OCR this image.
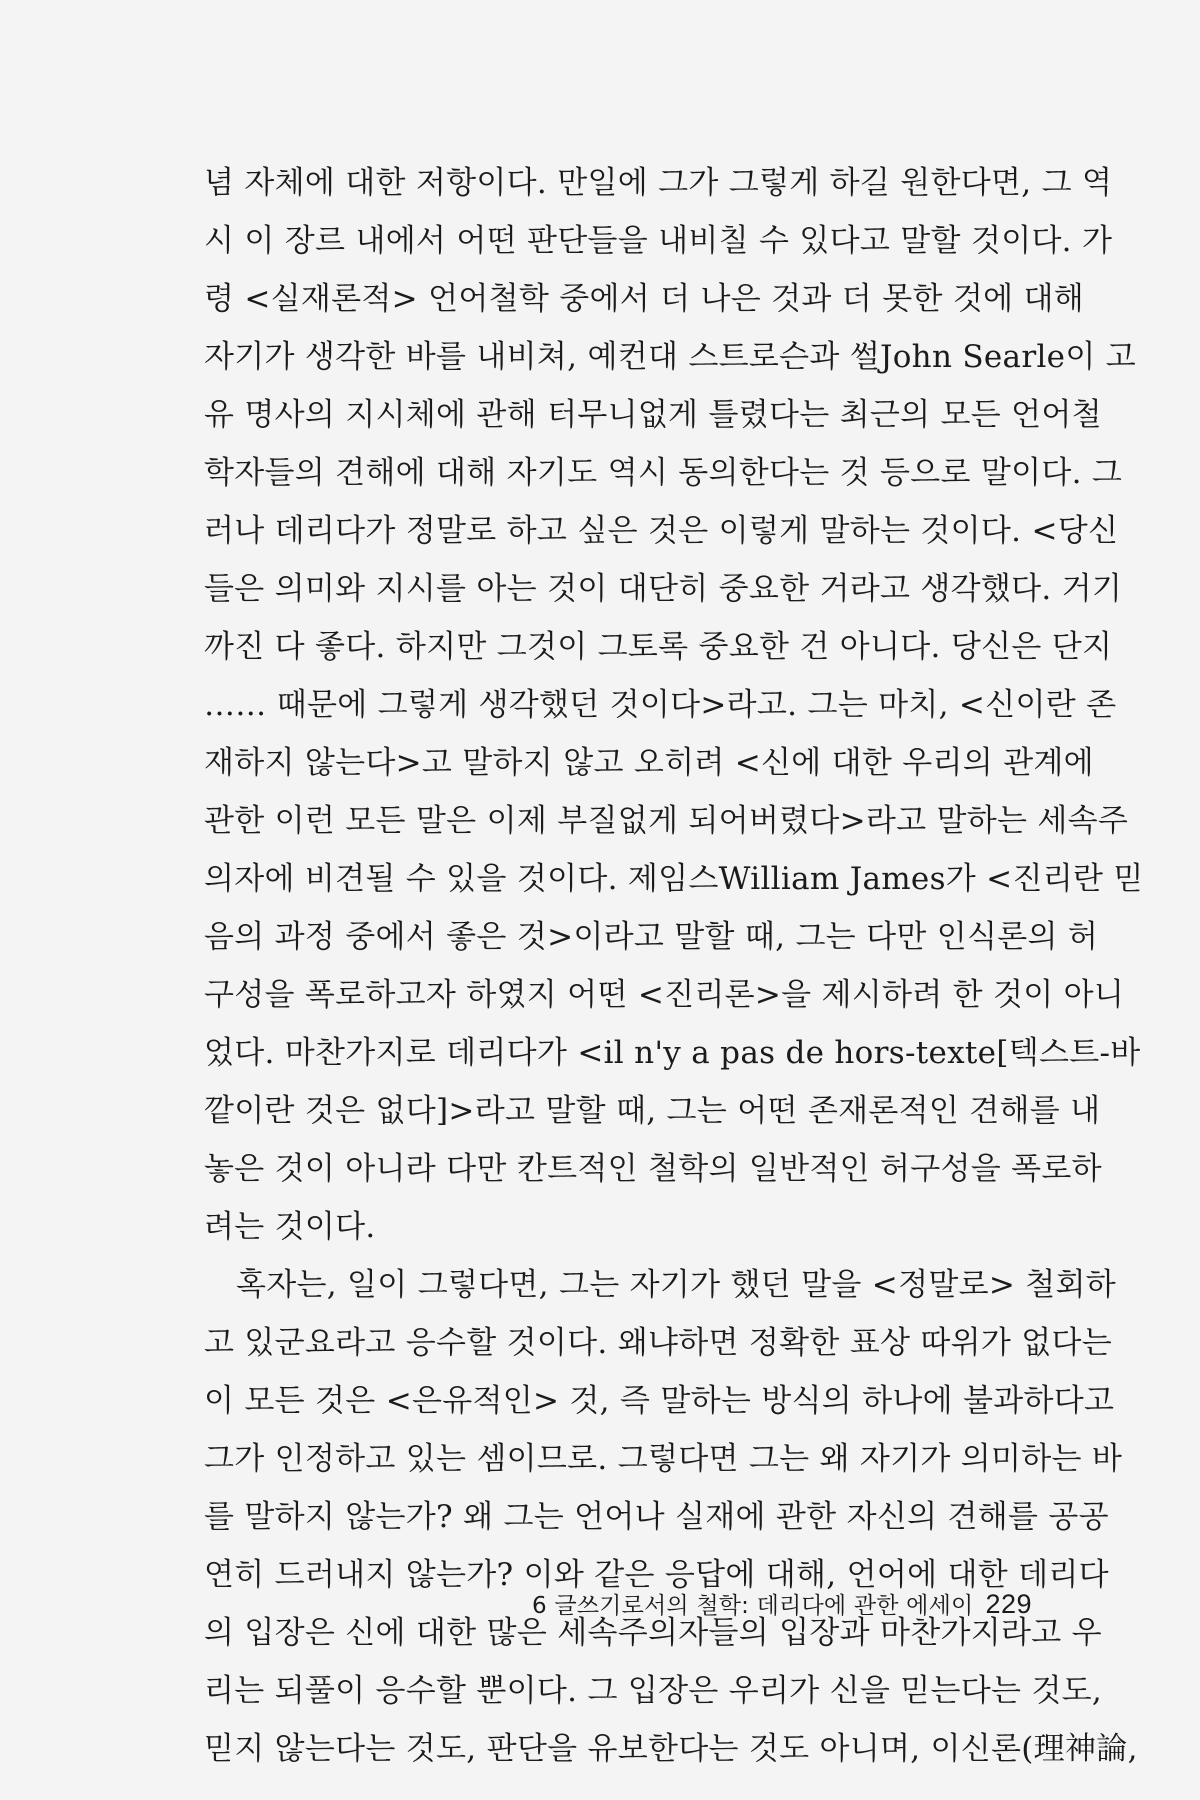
념 자체에 대한 저항이다. 만일에 그가 그렇게 하길 원한다면, 그 역
시 이 장르 내에서 어떤 판단들을 내비칠 수 있다고 말할 것이다. 가
령 <실재론적> 언어철학 중에서 더 나은 것과 더 못한 것에 대해
자기가 생각한 바를 내비쳐, 예컨대 스트로슨과 썰John Searle이 고
유 명사의 지시체에 관해 터무니없게 틀렸다는 최근의 모든 언어철
학자들의 견해에 대해 자기도 역시 동의한다는 것 등으로 말이다. 그
러나 데리다가 정말로 하고 싶은 것은 이렇게 말하는 것이다. <당신
들은 의미와 지시를 아는 것이 대단히 중요한 거라고 생각했다. 거기
까진 다 좋다. 하지만 그것이 그토록 중요한 건 아니다. 당신은 단지
…… 때문에 그렇게 생각했던 것이다>라고. 그는 마치, <신이란 존
재하지 않는다>고 말하지 않고 오히려 <신에 대한 우리의 관계에
관한 이런 모든 말은 이제 부질없게 되어버렸다>라고 말하는 세속주
의자에 비견될 수 있을 것이다. 제임스William James가 <진리란 믿
음의 과정 중에서 좋은 것>이라고 말할 때, 그는 다만 인식론의 허
구성을 폭로하고자 하였지 어떤 <진리론>을 제시하려 한 것이 아니
었다. 마찬가지로 데리다가 <il n'y a pas de hors-texte[텍스트-바
깥이란 것은 없다]>라고 말할 때, 그는 어떤 존재론적인 견해를 내
놓은 것이 아니라 다만 칸트적인 철학의 일반적인 허구성을 폭로하
려는 것이다.
혹자는, 일이 그렇다면, 그는 자기가 했던 말을 <정말로> 철회하
고 있군요라고 응수할 것이다. 왜냐하면 정확한 표상 따위가 없다는
이 모든 것은 <은유적인> 것, 즉 말하는 방식의 하나에 불과하다고
그가 인정하고 있는 셈이므로. 그렇다면 그는 왜 자기가 의미하는 바
를 말하지 않는가? 왜 그는 언어나 실재에 관한 자신의 견해를 공공
연히 드러내지 않는가? 이와 같은 응답에 대해, 언어에 대한 데리다
의 입장은 신에 대한 많은 세속주의자들의 입장과 마찬가지라고 우
리는 되풀이 응수할 뿐이다. 그 입장은 우리가 신을 믿는다는 것도,
믿지 않는다는 것도, 판단을 유보한다는 것도 아니며, 이신론(理神論,
6 글쓰기로서의 철학: 데리다에 관한 에세이 229
